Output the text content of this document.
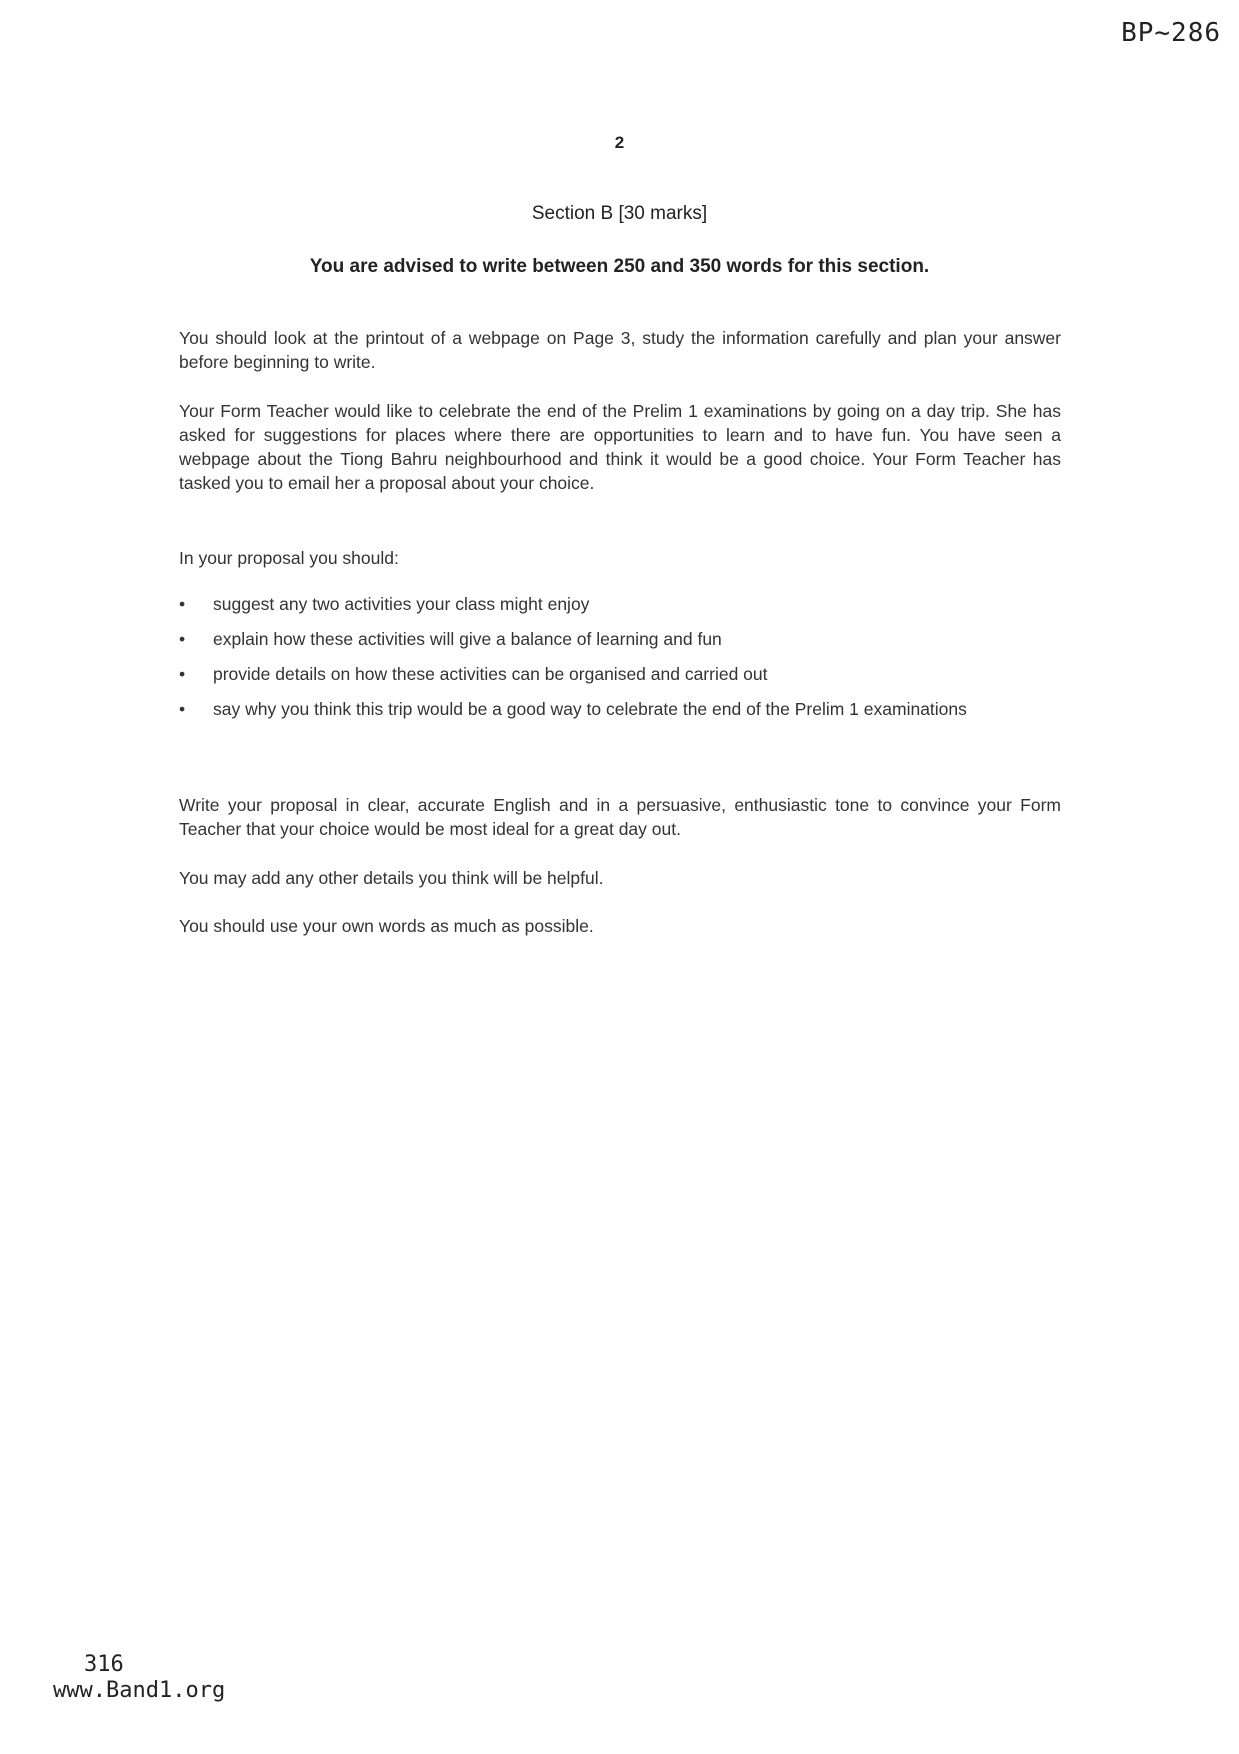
BP~286
2
Section B [30 marks]
You are advised to write between 250 and 350 words for this section.
You should look at the printout of a webpage on Page 3, study the information carefully and plan your answer before beginning to write.
Your Form Teacher would like to celebrate the end of the Prelim 1 examinations by going on a day trip. She has asked for suggestions for places where there are opportunities to learn and to have fun. You have seen a webpage about the Tiong Bahru neighbourhood and think it would be a good choice. Your Form Teacher has tasked you to email her a proposal about your choice.
In your proposal you should:
• suggest any two activities your class might enjoy
• explain how these activities will give a balance of learning and fun
• provide details on how these activities can be organised and carried out
• say why you think this trip would be a good way to celebrate the end of the Prelim 1 examinations
Write your proposal in clear, accurate English and in a persuasive, enthusiastic tone to convince your Form Teacher that your choice would be most ideal for a great day out.
You may add any other details you think will be helpful.
You should use your own words as much as possible.
316
www.Band1.org
